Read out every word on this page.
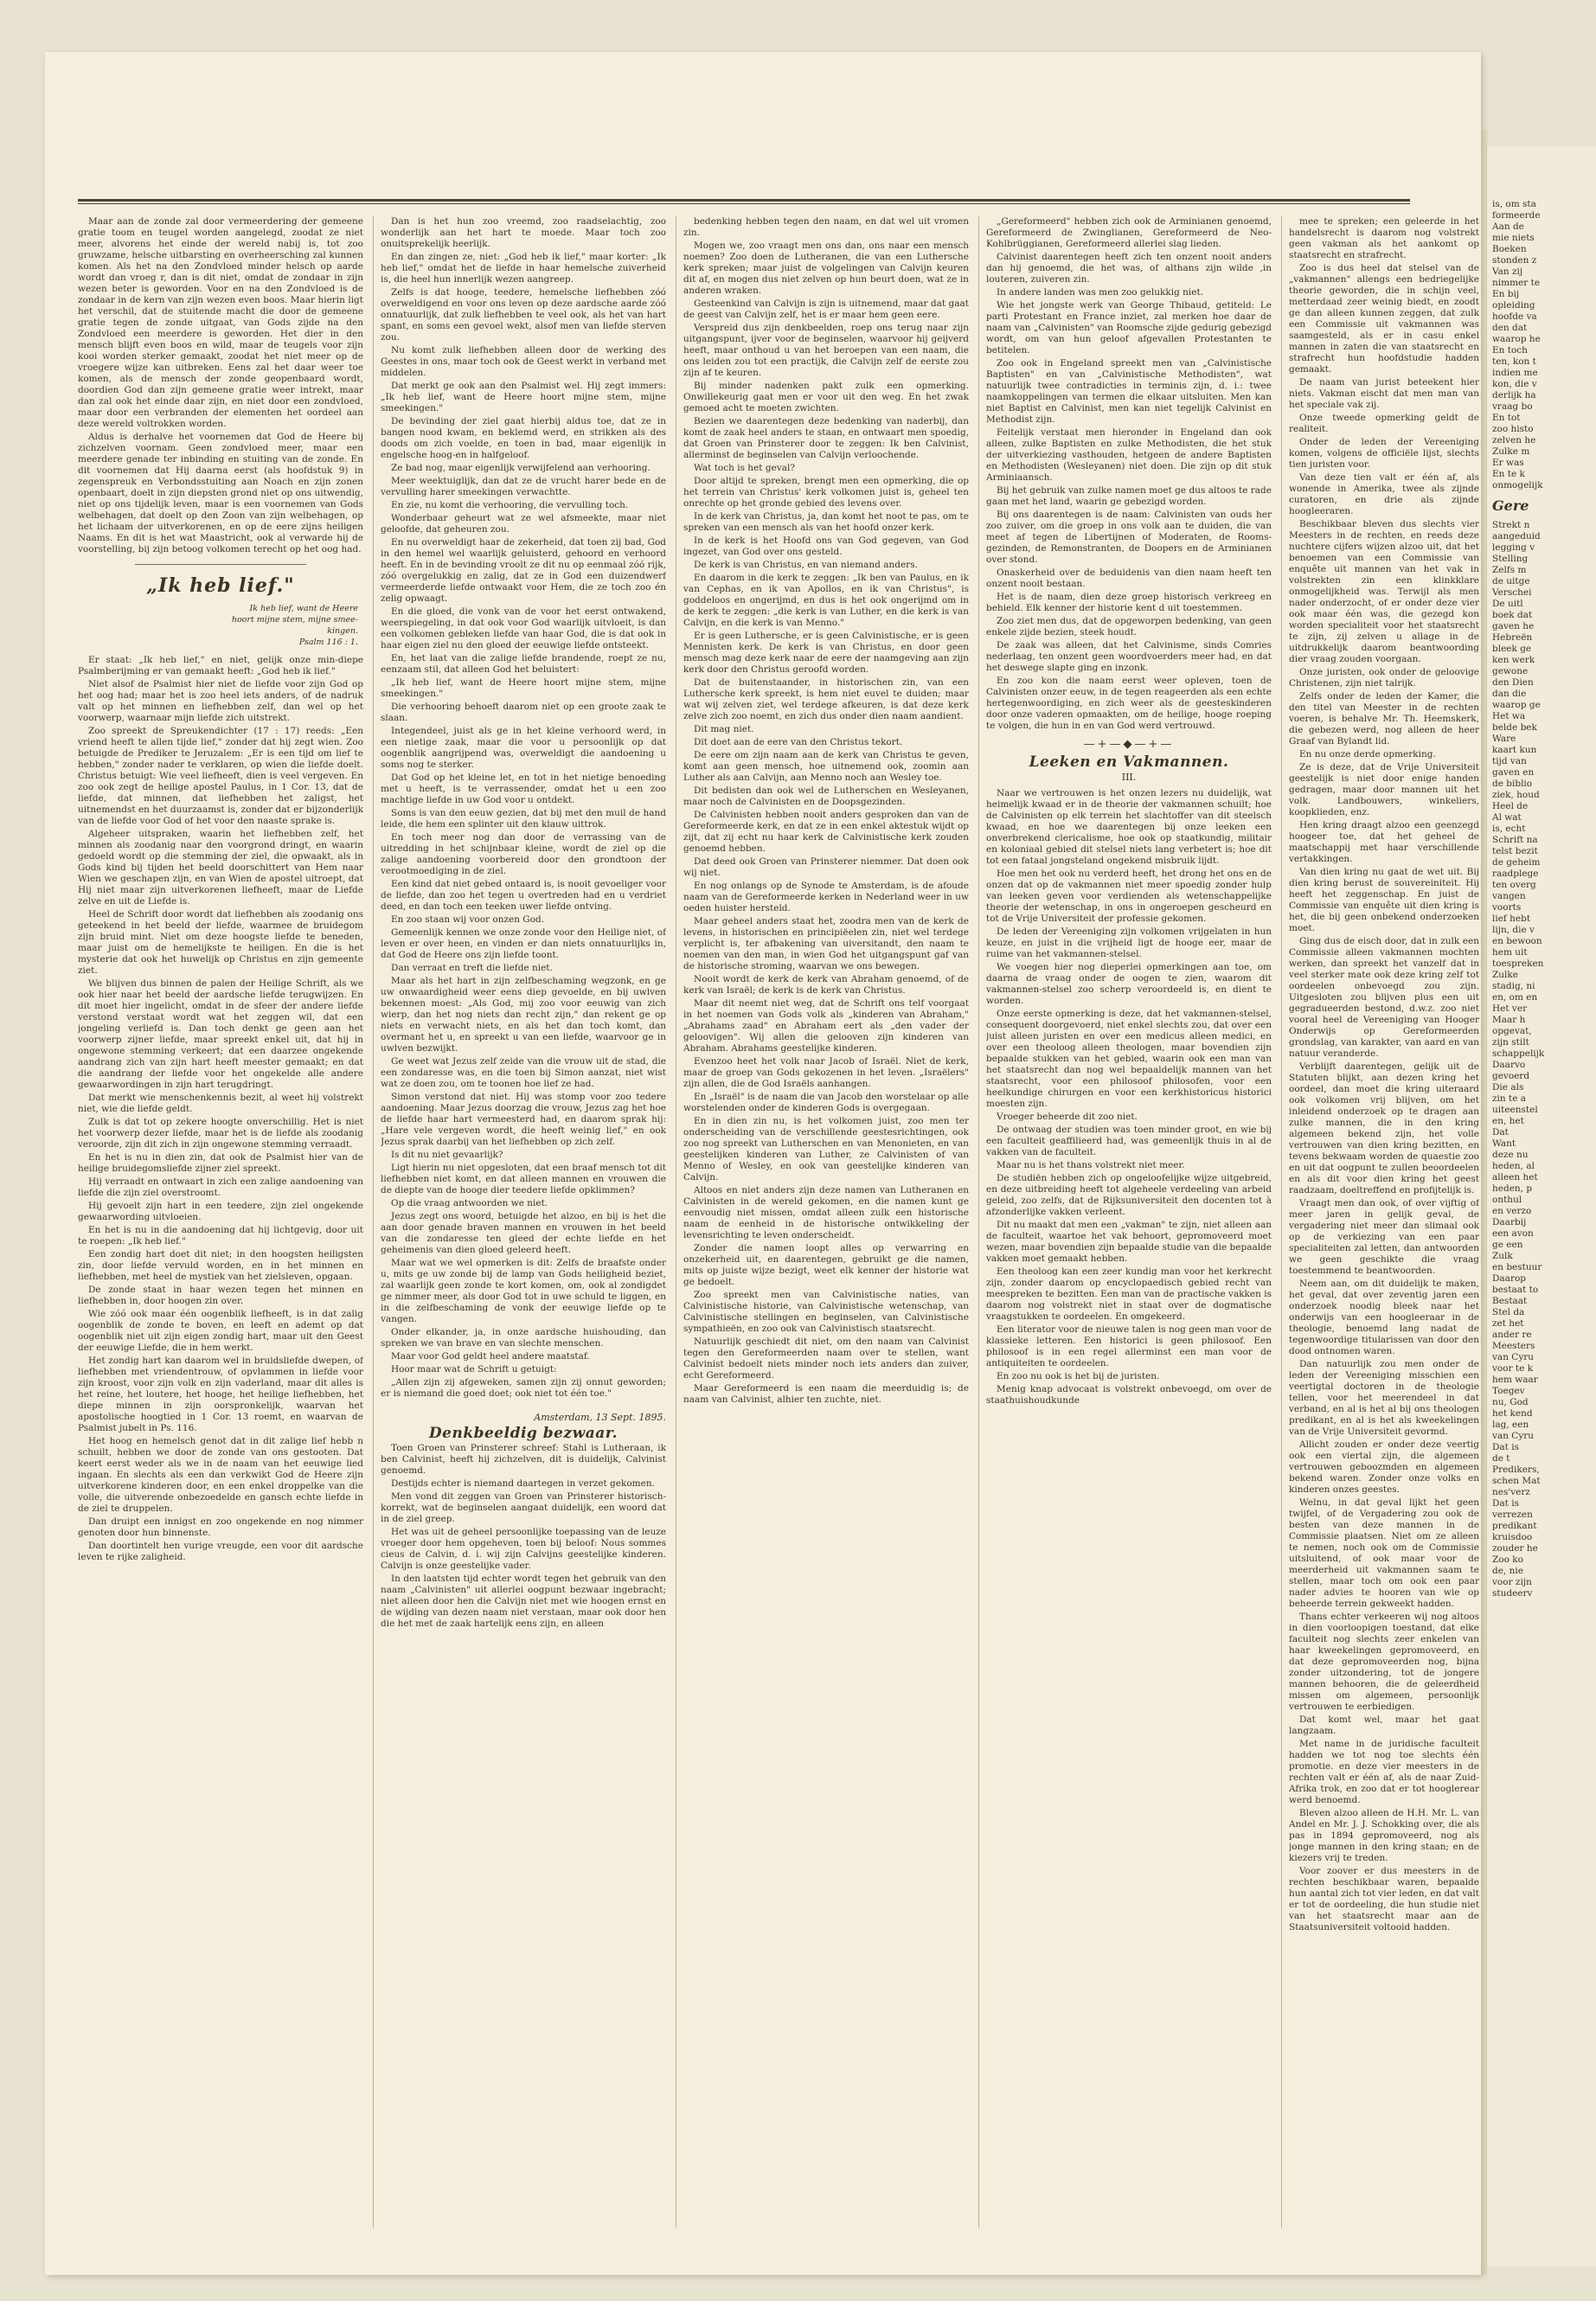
Maar aan de zonde zal door vermeerdering der gemeene gratie toom en teugel worden aangelegd, zoodat ze niet meer, alvorens het einde der wereld nabij is, tot zoo gruwzame, helsche uitbarsting en overheersching zal kunnen komen. Als het na den Zondvloed minder helsch op aarde wordt dan vroeg r, dan is dit niet, omdat de zondaar in zijn wezen beter is geworden. Voor en na den Zondvloed is de zondaar in de kern van zijn wezen even boos. Maar hierin ligt het verschil, dat de stuitende macht die door de gemeene gratie tegen de zonde uitgaat, van Gods zijde na den Zondvloed een meerdere is geworden. Het dier in den mensch blijft even boos en wild, maar de teugels voor zijn kooi worden sterker gemaakt, zoodat het niet meer op de vroegere wijze kan uitbreken. Eens zal het daar weer toe komen, als de mensch der zonde geopenbaard wordt, doordien God dan zijn gemeene gratie weer intrekt, maar dan zal ook het einde daar zijn, en niet door een zondvloed, maar door een verbranden der elementen het oordeel aan deze wereld voltrokken worden.

Aldus is derhalve het voornemen dat God de Heere bij zichzelven voornam. Geen zondvloed meer, maar een meerdere genade ter inbinding en stuiting van de zonde. En dit voornemen dat Hij daarna eerst (als hoofdstuk 9) in zegenspreuk en Verbondsstuiting aan Noach en zijn zonen openbaart, doelt in zijn diepsten grond niet op ons uitwendig, niet op ons tijdelijk leven, maar is een voornemen van Gods welbehagen, dat doelt op den Zoon van zijn welbehagen, op het lichaam der uitverkorenen, en op de eere zijns heiligen Naams. En dit is het wat Maastricht, ook al verwarde hij de voorstelling, bij zijn betoog volkomen terecht op het oog had.

„Ik heb lief."
Ik heb lief, want de Heere
hoort mijne stem, mijne smee-
kingen.
Psalm 116 : 1.

Er staat: „Ik heb lief," en niet, gelijk onze min-diepe Psalmberijming er van gemaakt heeft: „God heb ik lief."

Niet alsof de Psalmist hier niet de liefde voor zijn God op het oog had; maar het is zoo heel iets anders, of de nadruk valt op het minnen en liefhebben zelf, dan wel op het voorwerp, waarnaar mijn liefde zich uitstrekt.

Zoo spreekt de Spreukendichter (17 : 17) reeds: „Een vriend heeft te allen tijde lief," zonder dat hij zegt wien. Zoo betuigde de Prediker te Jeruzalem: „Er is een tijd om lief te hebben," zonder nader te verklaren, op wien die liefde doelt. Christus betuigt: Wie veel liefheeft, dien is veel vergeven. En zoo ook zegt de heilige apostel Paulus, in 1 Cor. 13, dat de liefde, dat minnen, dat liefhebben het zaligst, het uitnemendst en het duurzaamst is, zonder dat er bijzonderlijk van de liefde voor God of het voor den naaste sprake is.

Algeheer uitspraken, waarin het liefhebben zelf, het minnen als zoodanig naar den voorgrond dringt, en waarin gedoeld wordt op die stemming der ziel, die opwaakt, als in Gods kind bij tijden het beeld doorschittert van Hem naar Wien we geschapen zijn, en van Wien de apostel uitroept, dat Hij niet maar zijn uitverkorenen liefheeft, maar de Liefde zelve en uit de Liefde is.

Heel de Schrift door wordt dat liefhebben als zoodanig ons geteekend in het beeld der liefde, waarmee de bruidegom zijn bruid mint. Niet om deze hoogste liefde te beneden, maar juist om de hemelijkste te heiligen. En die is het mysterie dat ook het huwelijk op Christus en zijn gemeente ziet.

We blijven dus binnen de palen der Heilige Schrift, als we ook hier naar het beeld der aardsche liefde terugwijzen. En dit moet hier ingelicht, omdat in de sfeer der andere liefde verstond verstaat wordt wat het zeggen wil, dat een jongeling verliefd is. Dan toch denkt ge geen aan het voorwerp zijner liefde, maar spreekt enkel uit, dat hij in ongewone stemming verkeert; dat een daarzee ongekende aandrang zich van zijn hart heeft meester gemaakt; en dat die aandrang der liefde voor het ongekelde alle andere gewaarwordingen in zijn hart terugdringt.

Dat merkt wie menschenkennis bezit, al weet hij volstrekt niet, wie die liefde geldt.

Zulk is dat tot op zekere hoogte onverschillig. Het is niet het voorwerp dezer liefde, maar het is de liefde als zoodanig veroorde, zijn dit zich in zijn ongewone stemming verraadt.

En het is nu in dien zin, dat ook de Psalmist hier van de heilige bruidegomsliefde zijner ziel spreekt.

Hij verraadt en ontwaart in zich een zalige aandoening van liefde die zijn ziel overstroomt.

Hij gevoelt zijn hart in een teedere, zijn ziel ongekende gewaarwording uitvloeien.

En het is nu in die aandoening dat hij lichtgevig, door uit te roepen: „Ik heb lief."

Een zondig hart doet dit niet; in den hoogsten heiligsten zin, door liefde vervuld worden, en in het minnen en liefhebben, met heel de mystiek van het zielsleven, opgaan.

De zonde staat in haar wezen tegen het minnen en liefhebben in, door hoogen zin over.

Wie zóó ook maar één oogenblik liefheeft, is in dat zalig oogenblik de zonde te boven, en leeft en ademt op dat oogenblik niet uit zijn eigen zondig hart, maar uit den Geest der eeuwige Liefde, die in hem werkt.

Het zondig hart kan daarom wel in bruidsliefde dwepen, of liefhebben met vriendentrouw, of opvlammen in liefde voor zijn kroost, voor zijn volk en zijn vaderland, maar dit alles is het reine, het loutere, het hooge, het heilige liefhebben, het diepe minnen in zijn oorspronkelijk, waarvan het apostolische hoogtied in 1 Cor. 13 roemt, en waarvan de Psalmist jubelt in Ps. 116.

Het hoog en hemelsch genot dat in dit zalige lief hebb n schuilt, hebben we door de zonde van ons gestooten. Dat keert eerst weder als we in de naam van het eeuwige lied ingaan. En slechts als een dan verkwikt God de Heere zijn uitverkorene kinderen door, en een enkel droppelke van die volle, die uitverende onbezoedelde en gansch echte liefde in de ziel te druppelen.

Dan druipt een innigst en zoo ongekende en nog nimmer genoten door hun binnenste.

Dan doortintelt hen vurige vreugde, een voor dit aardsche leven te rijke zaligheid.

Dan is het hun zoo vreemd, zoo raadselachtig, zoo wonderlijk aan het hart te moede. Maar toch zoo onuitsprekelijk heerlijk.

En dan zingen ze, niet: „God heb ik lief," maar korter: „Ik heb lief," omdat het de liefde in haar hemelsche zuiverheid is, die heel hun innerlijk wezen aangreep.

Zelfs is dat hooge, teedere, hemelsche liefhebben zóó overweldigend en voor ons leven op deze aardsche aarde zóó onnatuurlijk, dat zulk liefhebben te veel ook, als het van hart spant, en soms een gevoel wekt, alsof men van liefde sterven zou.

Nu komt zulk liefhebben alleen door de werking des Geestes in ons, maar toch ook de Geest werkt in verband met middelen.

Dat merkt ge ook aan den Psalmist wel. Hij zegt immers: „Ik heb lief, want de Heere hoort mijne stem, mijne smeekingen."

De bevinding der ziel gaat hierbij aldus toe, dat ze in bangen nood kwam, en beklemd werd, en strikken als des doods om zich voelde, en toen in bad, maar eigenlijk in engelsche hoog-en in halfgeloof.

Ze bad nog, maar eigenlijk verwijfelend aan verhooring.

Meer weektuiglijk, dan dat ze de vrucht harer bede en de vervulling harer smeekingen verwachtte.

En zie, nu komt die verhooring, die vervulling toch.

Wonderbaar geheurt wat ze wel afsmeekte, maar niet geloofde, dat geheuren zou.

En nu overweldigt haar de zekerheid, dat toen zij bad, God in den hemel wel waarlijk geluisterd, gehoord en verhoord heeft. En in de bevinding vroolt ze dit nu op eenmaal zóó rijk, zóó overgelukkig en zalig, dat ze in God een duizendwerf vermeerderde liefde ontwaakt voor Hem, die ze toch zoo én zelig opwaagt.

En die gloed, die vonk van de voor het eerst ontwakend, weerspiegeling, in dat ook voor God waarlijk uitvloeit, is dan een volkomen gebleken liefde van haar God, die is dat ook in haar eigen ziel nu den gloed der eeuwige liefde ontsteekt.

En, het laat van die zalige liefde brandende, roept ze nu, eenzaam stil, dat alleen God het beluistert:

„Ik heb lief, want de Heere hoort mijne stem, mijne smeekingen."

Die verhooring behoeft daarom niet op een groote zaak te slaan.

Integendeel, juist als ge in het kleine verhoord werd, in een nietige zaak, maar die voor u persoonlijk op dat oogenblik aangrijpend was, overweldigt die aandoening u soms nog te sterker.

Dat God op het kleine let, en tot in het nietige benoeding met u heeft, is te verrassender, omdat het u een zoo machtige liefde in uw God voor u ontdekt.

Soms is van den eeuw gezien, dat bij met den muil de hand leide, die hem een splinter uit den klauw uittrok.

En toch meer nog dan door de verrassing van de uitredding in het schijnbaar kleine, wordt de ziel op die zalige aandoening voorbereid door den grondtoon der verootmoediging in de ziel.

Een kind dat niet gebed ontaard is, is nooit gevoeliger voor de liefde, dan zoo het tegen u overtreden had en u verdriet deed, en dan toch een teeken uwer liefde ontving.

En zoo staan wij voor onzen God.

Gemeenlijk kennen we onze zonde voor den Heilige niet, of leven er over heen, en vinden er dan niets onnatuurlijks in, dat God de Heere ons zijn liefde toont.

Dan verraat en treft die liefde niet.

Maar als het hart in zijn zelfbeschaming wegzonk, en ge uw onwaardigheid weer eens diep gevoelde, en bij uwlven bekennen moest: „Als God, mij zoo voor eeuwig van zich wierp, dan het nog niets dan recht zijn," dan rekent ge op niets en verwacht niets, en als het dan toch komt, dan overmant het u, en spreekt u van een liefde, waarvoor ge in uwlven bezwijkt.

Ge weet wat Jezus zelf zeide van die vrouw uit de stad, die een zondaresse was, en die toen bij Simon aanzat, niet wist wat ze doen zou, om te toonen hoe lief ze had.

Simon verstond dat niet. Hij was stomp voor zoo tedere aandoening. Maar Jezus doorzag die vrouw, Jezus zag het hoe de liefde haar hart vermeesterd had, en daarom sprak hij: „Hare vele vergeven wordt, die heeft weinig lief," en ook Jezus sprak daarbij van het liefhebben op zich zelf.

Is dit nu niet gevaarlijk?

Ligt hierin nu niet opgesloten, dat een braaf mensch tot dit liefhebben niet komt, en dat alleen mannen en vrouwen die de diepte van de hooge dier teedere liefde opklimmen?

Op die vraag antwoorden we niet.

Jezus zegt ons woord, betuigde het alzoo, en bij is het die aan door genade braven mannen en vrouwen in het beeld van die zondaresse ten gleed der echte liefde en het geheimenis van dien gloed geleerd heeft.

Maar wat we wel opmerken is dit: Zelfs de braafste onder u, mits ge uw zonde bij de lamp van Gods heiligheid beziet, zal waarlijk geen zonde te kort komen, om, ook al zondigdet ge nimmer meer, als door God tot in uwe schuld te liggen, en in die zelfbeschaming de vonk der eeuwige liefde op te vangen.

Onder elkander, ja, in onze aardsche huishouding, dan spreken we van brave en van slechte menschen.

Maar voor God geldt heel andere maatstaf.

Hoor maar wat de Schrift u getuigt:

„Allen zijn zij afgeweken, samen zijn zij onnut geworden; er is niemand die goed doet; ook niet tot één toe."

Amsterdam, 13 Sept. 1895.
Denkbeeldig bezwaar.

Toen Groen van Prinsterer schreef: Stahl is Lutheraan, ik ben Calvinist, heeft hij zichzelven, dit is duidelijk, Calvinist genoemd.

Destijds echter is niemand daartegen in verzet gekomen.

Men vond dit zeggen van Groen van Prinsterer historisch-korrekt, wat de beginselen aangaat duidelijk, een woord dat in de ziel greep.

Het was uit de geheel persoonlijke toepassing van de leuze vroeger door hem opgeheven, toen bij beloof: Nous sommes cieus de Calvin, d. i. wij zijn Calvijns geestelijke kinderen. Calvijn is onze geestelijke vader.

In den laatsten tijd echter wordt tegen het gebruik van den naam „Calvinisten" uit allerlei oogpunt bezwaar ingebracht; niet alleen door hen die Calvijn niet met wie hoogen ernst en de wijding van dezen naam niet verstaan, maar ook door hen die het met de zaak hartelijk eens zijn, en alleen

bedenking hebben tegen den naam, en dat wel uit vromen zin.

Mogen we, zoo vraagt men ons dan, ons naar een mensch noemen? Zoo doen de Lutheranen, die van een Luthersche kerk spreken; maar juist de volgelingen van Calvijn keuren dit af, en mogen dus niet zelven op hun beurt doen, wat ze in anderen wraken.

Gesteenkind van Calvijn is zijn is uitnemend, maar dat gaat de geest van Calvijn zelf, het is er maar hem geen eere.

Verspreid dus zijn denkbeelden, roep ons terug naar zijn uitgangspunt, ijver voor de beginselen, waarvoor hij geijverd heeft, maar onthoud u van het beroepen van een naam, die ons leiden zou tot een practijk, die Calvijn zelf de eerste zou zijn af te keuren.

Bij minder nadenken pakt zulk een opmerking. Onwillekeurig gaat men er voor uit den weg. En het zwak gemoed acht te moeten zwichten.

Bezien we daarentegen deze bedenking van naderbij, dan komt de zaak heel anders te staan, en ontwaart men spoedig, dat Groen van Prinsterer door te zeggen: Ik ben Calvinist, allerminst de beginselen van Calvijn verloochende.

Wat toch is het geval?

Door altijd te spreken, brengt men een opmerking, die op het terrein van Christus' kerk volkomen juist is, geheel ten onrechte op het gronde gebied des levens over.

In de kerk van Christus, ja, dan komt het noot te pas, om te spreken van een mensch als van het hoofd onzer kerk.

In de kerk is het Hoofd ons van God gegeven, van God ingezet, van God over ons gesteld.

De kerk is van Christus, en van niemand anders.

En daarom in die kerk te zeggen: „Ik ben van Paulus, en ik van Cephas, en ik van Apollos, en ik van Christus", is goddeloos en ongerijmd, en dus is het ook ongerijmd om in de kerk te zeggen: „die kerk is van Luther, en die kerk is van Calvijn, en die kerk is van Menno."

Er is geen Luthersche, er is geen Calvinistische, er is geen Mennisten kerk. De kerk is van Christus, en door geen mensch mag deze kerk naar de eere der naamgeving aan zijn kerk door den Christus geroofd worden.

Dat de buitenstaander, in historischen zin, van een Luthersche kerk spreekt, is hem niet euvel te duiden; maar wat wij zelven ziet, wel terdege afkeuren, is dat deze kerk zelve zich zoo noemt, en zich dus onder dien naam aandient.

Dit mag niet.

Dit doet aan de eere van den Christus tekort.

De eere om zijn naam aan de kerk van Christus te geven, komt aan geen mensch, hoe uitnemend ook, zoomin aan Luther als aan Calvijn, aan Menno noch aan Wesley toe.

Dit bedisten dan ook wel de Lutherschen en Wesleyanen, maar noch de Calvinisten en de Doopsgezinden.

De Calvinisten hebben nooit anders gesproken dan van de Gereformeerde kerk, en dat ze in een enkel aktestuk wijdt op zijt, dat zij echt nu haar kerk de Calvinistische kerk zouden genoemd hebben.

Dat deed ook Groen van Prinsterer niemmer. Dat doen ook wij niet.

En nog onlangs op de Synode te Amsterdam, is de afoude naam van de Gereformeerde kerken in Nederland weer in uw oeden huister hersteld.

Maar geheel anders staat het, zoodra men van de kerk de levens, in historischen en principiëelen zin, niet wel terdege verplicht is, ter afbakening van uiversitandt, den naam te noemen van den man, in wien God het uitgangspunt gaf van de historische stroming, waarvan we ons bewegen.

Nooit wordt de kerk de kerk van Abraham genoemd, of de kerk van Israël; de kerk is de kerk van Christus.

Maar dit neemt niet weg, dat de Schrift ons telf voorgaat in het noemen van Gods volk als „kinderen van Abraham," „Abrahams zaad" en Abraham eert als „den vader der geloovigen". Wij allen die gelooven zijn kinderen van Abraham. Abrahams geestelijke kinderen.

Evenzoo heet het volk naar Jacob of Israël. Niet de kerk, maar de groep van Gods gekozenen in het leven. „Israëlers" zijn allen, die de God Israëls aanhangen.

En „Israël" is de naam die van Jacob den worstelaar op alle worstelenden onder de kinderen Gods is overgegaan.

En in dien zin nu, is het volkomen juist, zoo men ter onderscheiding van de verschillende geestesrichtingen, ook zoo nog spreekt van Lutherschen en van Menonieten, en van geestelijken kinderen van Luther, ze Calvinisten of van Menno of Wesley, en ook van geestelijke kinderen van Calvijn.

Altoos en niet anders zijn deze namen van Lutheranen en Calvinisten in de wereld gekomen, en die namen kunt ge eenvoudig niet missen, omdat alleen zulk een historische naam de eenheid in de historische ontwikkeling der levensrichting te leven onderscheidt.

Zonder die namen loopt alles op verwarring en onzekerheid uit, en daarentegen, gebruikt ge die namen, mits op juiste wijze bezigt, weet elk kenner der historie wat ge bedoelt.

Zoo spreekt men van Calvinistische naties, van Calvinistische historie, van Calvinistische wetenschap, van Calvinistische stellingen en beginselen, van Calvinistische sympathieën, en zoo ook van Calvinistisch staatsrecht.

Natuurlijk geschiedt dit niet, om den naam van Calvinist tegen den Gereformeerden naam over te stellen, want Calvinist bedoelt niets minder noch iets anders dan zuiver, echt Gereformeerd.

Maar Gereformeerd is een naam die meerduidig is; de naam van Calvinist, alhier ten zuchte, niet.

„Gereformeerd" hebben zich ook de Arminianen genoemd, Gereformeerd de Zwinglianen, Gereformeerd de Neo-Kohlbrüggianen, Gereformeerd allerlei slag lieden.

Calvinist daarentegen heeft zich ten onzent nooit anders dan hij genoemd, die het was, of althans zijn wilde ,in louteren, zuiveren zin.

In andere landen was men zoo gelukkig niet.

Wie het jongste werk van George Thibaud, getiteld: Le parti Protestant en France inziet, zal merken hoe daar de naam van „Calvinisten" van Roomsche zijde gedurig gebezigd wordt, om van hun geloof afgevallen Protestanten te betitelen.

Zoo ook in Engeland spreekt men van „Calvinistische Baptisten" en van „Calvinistische Methodisten", wat natuurlijk twee contradicties in terminis zijn, d. i.: twee naamkoppelingen van termen die elkaar uitsluiten. Men kan niet Baptist en Calvinist, men kan niet tegelijk Calvinist en Methodist zijn.

Feitelijk verstaat men hieronder in Engeland dan ook alleen, zulke Baptisten en zulke Methodisten, die het stuk der uitverkiezing vasthouden, hetgeen de andere Baptisten en Methodisten (Wesleyanen) niet doen. Die zijn op dit stuk Arminiaansch.

Bij het gebruik van zulke namen moet ge dus altoos te rade gaan met het land, waarin ge gebezigd worden.

Bij ons daarentegen is de naam: Calvinisten van ouds her zoo zuiver, om die groep in ons volk aan te duiden, die van meet af tegen de Libertijnen of Moderaten, de Rooms-gezinden, de Remonstranten, de Doopers en de Arminianen over stond.

Onaskerheid over de beduidenis van dien naam heeft ten onzent nooit bestaan.

Het is de naam, dien deze groep historisch verkreeg en behield. Elk kenner der historie kent d uit toestemmen.

Zoo ziet men dus, dat de opgeworpen bedenking, van geen enkele zijde bezien, steek houdt.

De zaak was alleen, dat het Calvinisme, sinds Comries nederlaag, ten onzent geen woordvoerders meer had, en dat het deswege slapte ging en inzonk.

En zoo kon die naam eerst weer opleven, toen de Calvinisten onzer eeuw, in de tegen reageerden als een echte hertegenwoordiging, en zich weer als de geesteskinderen door onze vaderen opmaakten, om de heilige, hooge roeping te volgen, die hun in en van God werd vertrouwd.

—+—◆—+—
Leeken en Vakmannen.
III.

Naar we vertrouwen is het onzen lezers nu duidelijk, wat heimelijk kwaad er in de theorie der vakmannen schuilt; hoe de Calvinisten op elk terrein het slachtoffer van dit steelsch kwaad, en hoe we daarentegen bij onze leeken een onverbrekend clericalisme, hoe ook op staatkundig, militair en koloniaal gebied dit stelsel niets lang verbetert is; hoe dit tot een fataal jongsteland ongekend misbruik lijdt.

Hoe men het ook nu verderd heeft, het drong het ons en de onzen dat op de vakmannen niet meer spoedig zonder hulp van leeken geven voor verdienden als wetenschappelijke theorie der wetenschap, in ons in ongeroepen gescheurd en tot de Vrije Universiteit der professie gekomen.

De leden der Vereeniging zijn volkomen vrijgelaten in hun keuze, en juist in die vrijheid ligt de hooge eer, maar de ruime van het vakmannen-stelsel.

We voegen hier nog dieperlei opmerkingen aan toe, om daarna de vraag onder de oogen te zien, waarom dit vakmannen-stelsel zoo scherp veroordeeld is, en dient te worden.

Onze eerste opmerking is deze, dat het vakmannen-stelsel, consequent doorgevoerd, niet enkel slechts zou, dat over een juist alleen juristen en over een medicus alleen medici, en over een theoloog alleen theologen, maar bovendien zijn bepaalde stukken van het gebied, waarin ook een man van het staatsrecht dan nog wel bepaaldelijk mannen van het staatsrecht, voor een philosoof philosofen, voor een heelkundige chirurgen en voor een kerkhistoricus historici moesten zijn.

Vroeger beheerde dit zoo niet.

De ontwaag der studien was toen minder groot, en wie bij een faculteit geaffilieerd had, was gemeenlijk thuis in al de vakken van de faculteit.

Maar nu is het thans volstrekt niet meer.

De studiën hebben zich op ongeloofelijke wijze uitgebreid, en deze uitbreiding heeft tot algeheele verdeeling van arbeid geleid, zoo zelfs, dat de Rijksuniversiteit den docenten tot à afzonderlijke vakken verleent.

Dit nu maakt dat men een „vakman" te zijn, niet alleen aan de faculteit, waartoe het vak behoort, gepromoveerd moet wezen, maar bovendien zijn bepaalde studie van die bepaalde vakken moet gemaakt hebben.

Een theoloog kan een zeer kundig man voor het kerkrecht zijn, zonder daarom op encyclopaedisch gebied recht van meespreken te bezitten. Een man van de practische vakken is daarom nog volstrekt niet in staat over de dogmatische vraagstukken te oordeelen. En omgekeerd.

Een literator voor de nieuwe talen is nog geen man voor de klassieke letteren. Een historici is geen philosoof. Een philosoof is in een regel allerminst een man voor de antiquiteiten te oordeelen.

En zoo nu ook is het bij de juristen.

Menig knap advocaat is volstrekt onbevoegd, om over de staathuishoudkunde

mee te spreken; een geleerde in het handelsrecht is daarom nog volstrekt geen vakman als het aankomt op staatsrecht en strafrecht.

Zoo is dus heel dat stelsel van de „vakmannen" allengs een bedriegelijke theorie geworden, die in schijn veel, metterdaad zeer weinig biedt, en zoodt ge dan alleen kunnen zeggen, dat zulk een Commissie uit vakmannen was saamgesteld, als er in casu enkel mannen in zaten die van staatsrecht en strafrecht hun hoofdstudie hadden gemaakt.

De naam van jurist beteekent hier niets. Vakman eischt dat men man van het speciale vak zij.

Onze tweede opmerking geldt de realiteit.

Onder de leden der Vereeniging komen, volgens de officiële lijst, slechts tien juristen voor.

Van deze tien valt er één af, als wonende in Amerika, twee als zijnde curatoren, en drie als zijnde hoogleeraren.

Beschikbaar bleven dus slechts vier Meesters in de rechten, en reeds deze nuchtere cijfers wijzen alzoo uit, dat het benoemen van een Commissie van enquête uit mannen van het vak in volstrekten zin een klinkklare onmogelijkheid was. Terwijl als men nader onderzocht, of er onder deze vier ook maar één was, die gezegd kon worden specialiteit voor het staatsrecht te zijn, zij zelven u allage in de uitdrukkelijk daarom beantwoording dier vraag zouden voorgaan.

Onze juristen, ook onder de geloovige Christenen, zijn niet talrijk.

Zelfs onder de leden der Kamer, die den titel van Meester in de rechten voeren, is behalve Mr. Th. Heemskerk, die gebezen werd, nog alleen de heer Graaf van Bylandt lid.

En nu onze derde opmerking.

Ze is deze, dat de Vrije Universiteit geestelijk is niet door enige handen gedragen, maar door mannen uit het volk. Landbouwers, winkeliers, koopklieden, enz.

Hen kring draagt alzoo een geenzegd hoogeer toe, dat het geheel de maatschappij met haar verschillende vertakkingen.

Van dien kring nu gaat de wet uit. Bij dien kring berust de souvereiniteit. Hij heeft het zeggenschap. En juist de Commissie van enquête uit dien kring is het, die bij geen onbekend onderzoeken moet.

Ging dus de eisch door, dat in zulk een Commissie alleen vakmannen mochten werken, dan spreekt het vanzelf dat in veel sterker mate ook deze kring zelf tot oordeelen onbevoegd zou zijn. Uitgesloten zou blijven plus een uit gegradueerden bestond, d.w.z. zoo niet vooral heel de Vereeniging van Hooger Onderwijs op Gereformeerden grondslag, van karakter, van aard en van natuur veranderde.

Verblijft daarentegen, gelijk uit de Statuten blijkt, aan dezen kring het oordeel, dan moet die kring uiteraard ook volkomen vrij blijven, om het inleidend onderzoek op te dragen aan zulke mannen, die in den kring algemeen bekend zijn, het volle vertrouwen van dien kring bezitten, en tevens bekwaam worden de quaestie zoo en uit dat oogpunt te zullen beoordeelen en als dit voor dien kring het geest raadzaam, doeltreffend en profijtelijk is.

Vraagt men dan ook, of over vijftig of meer jaren in gelijk geval, de vergadering niet meer dan slimaal ook op de verkiezing van een paar specialiteiten zal letten, dan antwoorden we geen geschikte die vraag toestemmend te beantwoorden.

Neem aan, om dit duidelijk te maken, het geval, dat over zeventig jaren een onderzoek noodig bleek naar het onderwijs van een hoogleeraar in de theologie, benoemd lang nadat de tegenwoordige titularissen van door den dood ontnomen waren.

Dan natuurlijk zou men onder de leden der Vereeniging misschien een veertigtal doctoren in de theologie tellen, voor het meerendeel in dat verband, en al is het al bij ons theologen predikant, en al is het als kweekelingen van de Vrije Universiteit gevormd.

Allicht zouden er onder deze veertig ook een viertal zijn, die algemeen vertrouwen geboozmden en algemeen bekend waren. Zonder onze volks en kinderen onzes geestes.

Welnu, in dat geval lijkt het geen twijfel, of de Vergadering zou ook de besten van deze mannen in de Commissie plaatsen. Niet om ze alleen te nemen, noch ook om de Commissie uitsluitend, of ook maar voor de meerderheid uit vakmannen saam te stellen, maar toch om ook een paar nader advies te hooren van wie op beheerde terrein gekweekt hadden.

Thans echter verkeeren wij nog altoos in dien voorloopigen toestand, dat elke faculteit nog slechts zeer enkelen van haar kweekelingen gepromoveerd, en dat deze gepromoveerden nog, bijna zonder uitzondering, tot de jongere mannen behooren, die de geleerdheid missen om algemeen, persoonlijk vertrouwen te eerbiedigen.

Dat komt wel, maar het gaat langzaam.

Met name in de juridische faculteit hadden we tot nog toe slechts één promotie. en deze vier meesters in de rechten valt er één af, als de naar Zuid-Afrika trok, en zoo dat er tot hooglerear werd benoemd.

Bleven alzoo alleen de H.H. Mr. L. van Andel en Mr. J. J. Schokking over, die als pas in 1894 gepromoveerd, nog als jonge mannen in den kring staan; en de kiezers vrij te treden.

Voor zoover er dus meesters in de rechten beschikbaar waren, bepaalde hun aantal zich tot vier leden, en dat valt er tot de oordeeling, die hun studie niet van het staatsrecht maar aan de Staatsuniversiteit voltooid hadden.

is, om sta
formeerde
Aan de
mie niets
Boeken
stonden z
Van zij
nimmer te
En bij
opleiding
hoofde va
den dat
waarop he
En toch
ten, kon t
indien me
kon, die v
derlijk ha
vraag bo
En tot
zoo histo
zelven he
Zulke m
Er was
En te k
onmogelijk
Gere
Strekt n
aangeduid
legging v
Stelling
Zelfs m
de uitge
Verschei
De uitl
boek dat
gaven he
Hebreën
bleek ge
ken werk
gewone
den Dien
dan die
waarop ge
Het wa
belde bek
Ware
kaart kun
tijd van
gaven en
de biblio
ziek, houd
Heel de
Al wat
is, echt
Schrift na
telst bezit
de geheim
raadplege
ten overg
vangen
voorts
lief hebt
lijn, die v
en bewoon
hem uit
toespreken
Zulke
stadig, ni
en, om en
Het ver
Maar h
opgevat,
zijn stilt
schappelijk
Daarvo
gevoerd
Die als
zin te a
uiteenstel
en, het
Dat
Want
deze nu
heden, al
alleen het
heden, p
onthul
en verzo
Daarbij
een avon
ge een
Zulk
en bestuur
Daarop
bestaat to
Bestaat
Stel da
zet het
ander re
Meesters
van Cyru
voor te k
hem waar
Toegev
nu, God
het kend
lag, een
van Cyru
Dat is
de t
Predikers,
schen Mat
nes'verz
Dat is
verrezen
predikant
kruisdoo
zouder he
Zoo ko
de, nie
voor zijn
studeerv
